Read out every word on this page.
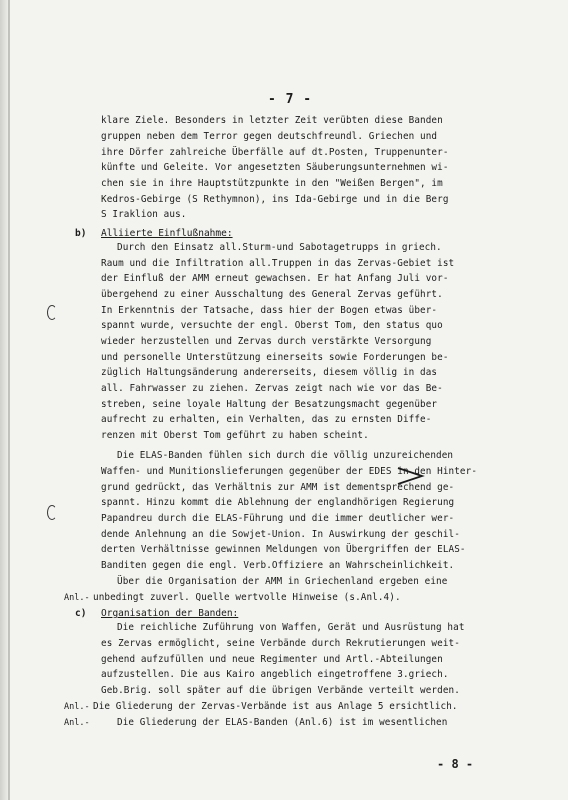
- 7 -
klare Ziele. Besonders in letzter Zeit verübten diese Banden
gruppen neben dem Terror gegen deutschfreundl. Griechen und
ihre Dörfer zahlreiche Überfälle auf dt.Posten, Truppenunter-
künfte und Geleite. Vor angesetzten Säuberungsunternehmen wi-
chen sie in ihre Hauptstützpunkte in den "Weißen Bergen", im
Kedros-Gebirge (S Rethymnon), ins Ida-Gebirge und in die Berg
S Iraklion aus.
b) Alliierte Einflußnahme:
Durch den Einsatz all.Sturm-und Sabotagetrupps in griech.
Raum und die Infiltration all.Truppen in das Zervas-Gebiet ist
der Einfluß der AMM erneut gewachsen. Er hat Anfang Juli vor-
übergehend zu einer Ausschaltung des General Zervas geführt.
In Erkenntnis der Tatsache, dass hier der Bogen etwas über-
spannt wurde, versuchte der engl. Oberst Tom, den status quo
wieder herzustellen und Zervas durch verstärkte Versorgung
und personelle Unterstützung einerseits sowie Forderungen be-
züglich Haltungsänderung andererseits, diesem völlig in das
all. Fahrwasser zu ziehen. Zervas zeigt nach wie vor das Be-
streben, seine loyale Haltung der Besatzungsmacht gegenüber
aufrecht zu erhalten, ein Verhalten, das zu ernsten Diffe-
renzen mit Oberst Tom geführt zu haben scheint.
Die ELAS-Banden fühlen sich durch die völlig unzureichenden
Waffen- und Munitionslieferungen gegenüber der EDES in den Hinter-
grund gedrückt, das Verhältnis zur AMM ist dementsprechend ge-
spannt. Hinzu kommt die Ablehnung der englandhörigen Regierung
Papandreu durch die ELAS-Führung und die immer deutlicher wer-
dende Anlehnung an die Sowjet-Union. In Auswirkung der geschil-
derten Verhältnisse gewinnen Meldungen von Übergriffen der ELAS-
Banditen gegen die engl. Verb.Offiziere an Wahrscheinlichkeit.
Über die Organisation der AMM in Griechenland ergeben eine
Anl.- unbedingt zuverl. Quelle wertvolle Hinweise (s.Anl.4).
c) Organisation der Banden:
Die reichliche Zuführung von Waffen, Gerät und Ausrüstung hat
es Zervas ermöglicht, seine Verbände durch Rekrutierungen weit-
gehend aufzufüllen und neue Regimenter und Artl.-Abteilungen
aufzustellen. Die aus Kairo angeblich eingetroffene 3.griech.
Geb.Brig. soll später auf die übrigen Verbände verteilt werden.
Anl.- Die Gliederung der Zervas-Verbände ist aus Anlage 5 ersichtlich.
Anl.-	Die Gliederung der ELAS-Banden (Anl.6) ist im wesentlichen
- 8 -
